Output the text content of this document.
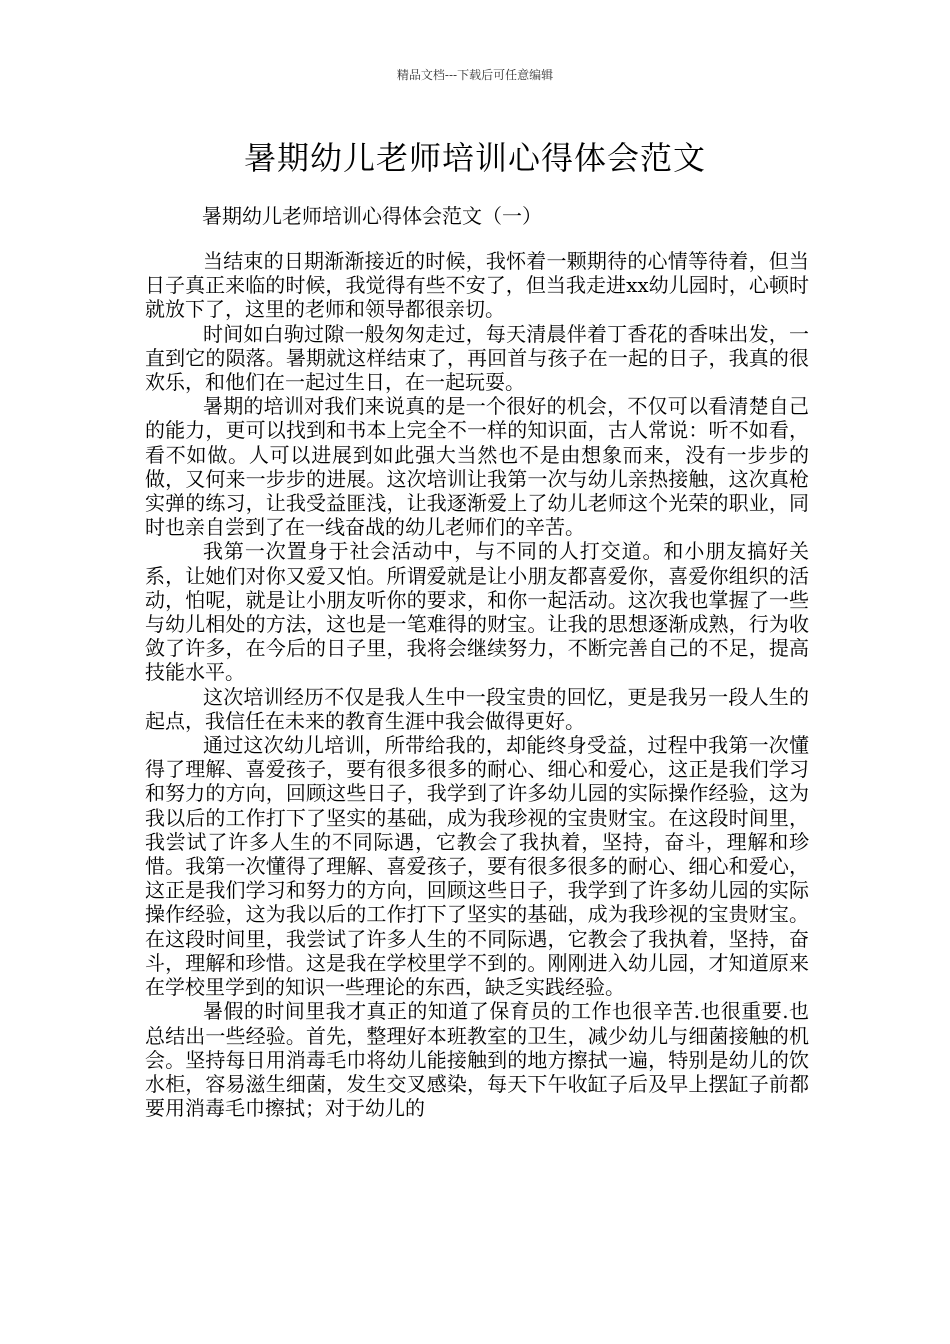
精品文档---下载后可任意编辑
暑期幼儿老师培训心得体会范文
暑期幼儿老师培训心得体会范文（一）

当结束的日期渐渐接近的时候，我怀着一颗期待的心情等待着，但当日子真正来临的时候，我觉得有些不安了，但当我走进xx幼儿园时，心顿时就放下了，这里的老师和领导都很亲切。

时间如白驹过隙一般匆匆走过，每天清晨伴着丁香花的香味出发，一直到它的陨落。暑期就这样结束了，再回首与孩子在一起的日子，我真的很欢乐，和他们在一起过生日，在一起玩耍。

暑期的培训对我们来说真的是一个很好的机会，不仅可以看清楚自己的能力，更可以找到和书本上完全不一样的知识面，古人常说：听不如看，看不如做。人可以进展到如此强大当然也不是由想象而来，没有一步步的做，又何来一步步的进展。这次培训让我第一次与幼儿亲热接触，这次真枪实弹的练习，让我受益匪浅，让我逐渐爱上了幼儿老师这个光荣的职业，同时也亲自尝到了在一线奋战的幼儿老师们的辛苦。

我第一次置身于社会活动中，与不同的人打交道。和小朋友搞好关系，让她们对你又爱又怕。所谓爱就是让小朋友都喜爱你，喜爱你组织的活动，怕呢，就是让小朋友听你的要求，和你一起活动。这次我也掌握了一些与幼儿相处的方法，这也是一笔难得的财宝。让我的思想逐渐成熟，行为收敛了许多，在今后的日子里，我将会继续努力，不断完善自己的不足，提高技能水平。

这次培训经历不仅是我人生中一段宝贵的回忆，更是我另一段人生的起点，我信任在未来的教育生涯中我会做得更好。

通过这次幼儿培训，所带给我的，却能终身受益，过程中我第一次懂得了理解、喜爱孩子，要有很多很多的耐心、细心和爱心，这正是我们学习和努力的方向，回顾这些日子，我学到了许多幼儿园的实际操作经验，这为我以后的工作打下了坚实的基础，成为我珍视的宝贵财宝。在这段时间里，我尝试了许多人生的不同际遇，它教会了我执着，坚持，奋斗，理解和珍惜。我第一次懂得了理解、喜爱孩子，要有很多很多的耐心、细心和爱心，这正是我们学习和努力的方向，回顾这些日子，我学到了许多幼儿园的实际操作经验，这为我以后的工作打下了坚实的基础，成为我珍视的宝贵财宝。在这段时间里，我尝试了许多人生的不同际遇，它教会了我执着，坚持，奋斗，理解和珍惜。这是我在学校里学不到的。刚刚进入幼儿园，才知道原来在学校里学到的知识一些理论的东西，缺乏实践经验。

暑假的时间里我才真正的知道了保育员的工作也很辛苦.也很重要.也总结出一些经验。首先，整理好本班教室的卫生，减少幼儿与细菌接触的机会。坚持每日用消毒毛巾将幼儿能接触到的地方擦拭一遍，特别是幼儿的饮水柜，容易滋生细菌，发生交叉感染，每天下午收缸子后及早上摆缸子前都要用消毒毛巾擦拭；对于幼儿的
